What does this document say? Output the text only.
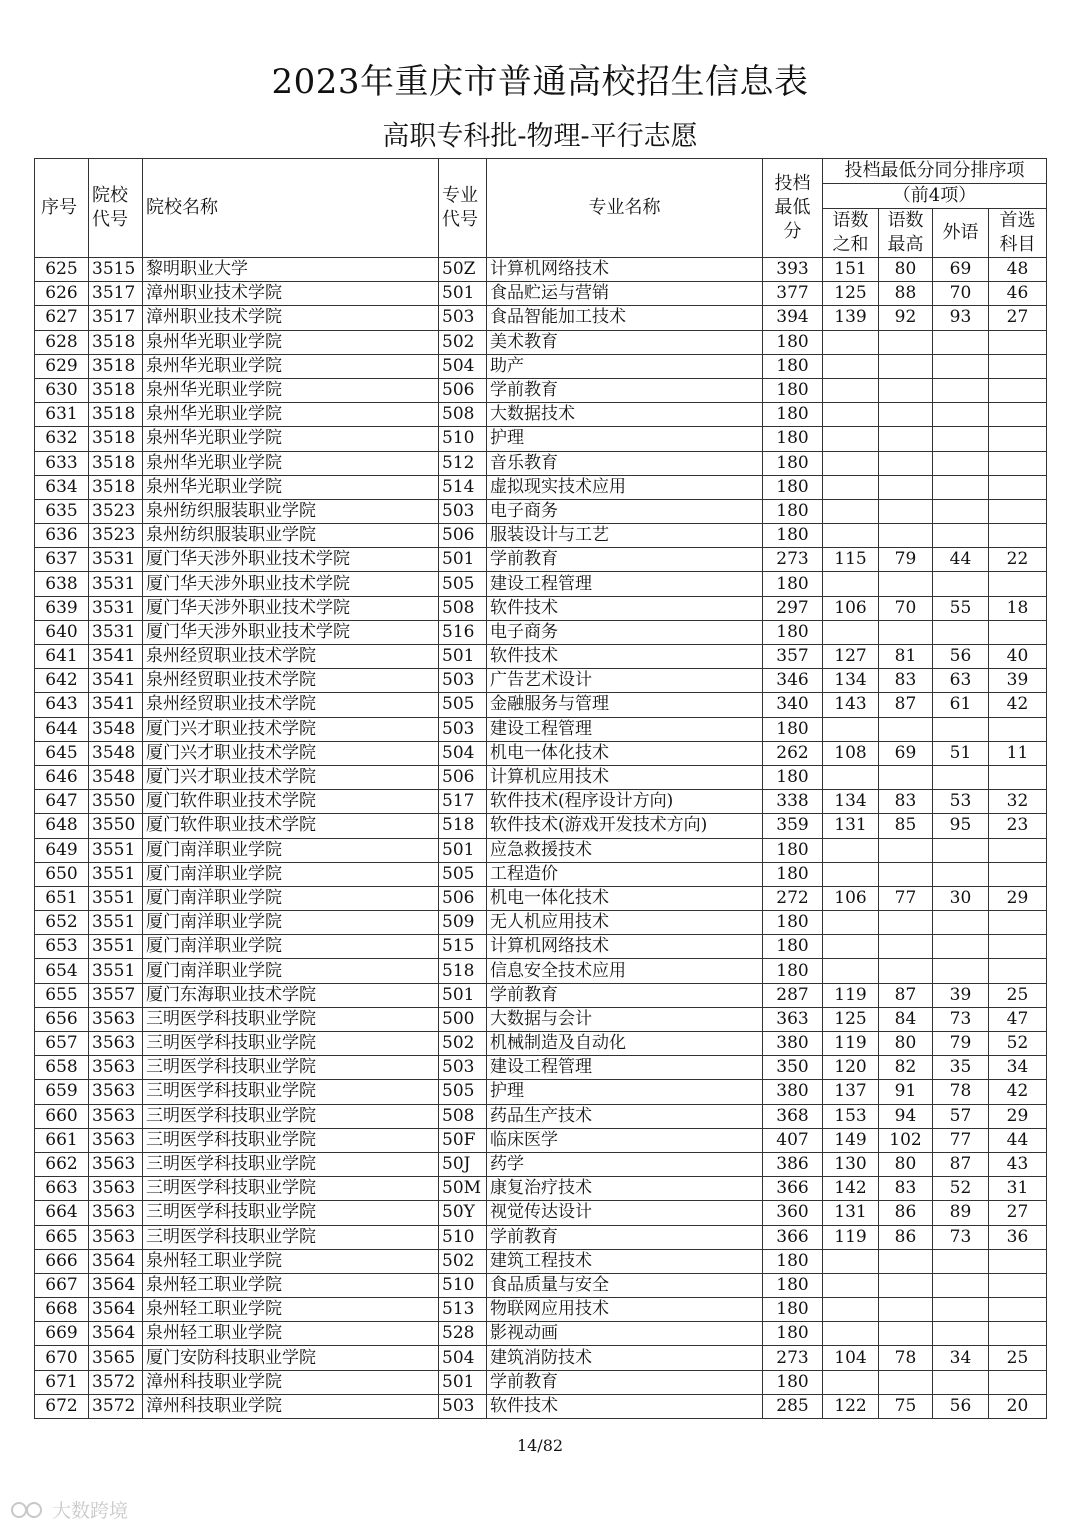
2023年重庆市普通高校招生信息表
高职专科批-物理-平行志愿
序号	院校代号	院校名称	专业代号	专业名称	投档最低分	投档最低分同分排序项			
						（前4项）			
						语数之和	语数最高	外语	首选科目
625	3515	黎明职业大学	50Z	计算机网络技术	393	151	80	69	48
626	3517	漳州职业技术学院	501	食品贮运与营销	377	125	88	70	46
627	3517	漳州职业技术学院	503	食品智能加工技术	394	139	92	93	27
628	3518	泉州华光职业学院	502	美术教育	180				
629	3518	泉州华光职业学院	504	助产	180				
630	3518	泉州华光职业学院	506	学前教育	180				
631	3518	泉州华光职业学院	508	大数据技术	180				
632	3518	泉州华光职业学院	510	护理	180				
633	3518	泉州华光职业学院	512	音乐教育	180				
634	3518	泉州华光职业学院	514	虚拟现实技术应用	180				
635	3523	泉州纺织服装职业学院	503	电子商务	180				
636	3523	泉州纺织服装职业学院	506	服装设计与工艺	180				
637	3531	厦门华天涉外职业技术学院	501	学前教育	273	115	79	44	22
638	3531	厦门华天涉外职业技术学院	505	建设工程管理	180				
639	3531	厦门华天涉外职业技术学院	508	软件技术	297	106	70	55	18
640	3531	厦门华天涉外职业技术学院	516	电子商务	180				
641	3541	泉州经贸职业技术学院	501	软件技术	357	127	81	56	40
642	3541	泉州经贸职业技术学院	503	广告艺术设计	346	134	83	63	39
643	3541	泉州经贸职业技术学院	505	金融服务与管理	340	143	87	61	42
644	3548	厦门兴才职业技术学院	503	建设工程管理	180				
645	3548	厦门兴才职业技术学院	504	机电一体化技术	262	108	69	51	11
646	3548	厦门兴才职业技术学院	506	计算机应用技术	180				
647	3550	厦门软件职业技术学院	517	软件技术(程序设计方向)	338	134	83	53	32
648	3550	厦门软件职业技术学院	518	软件技术(游戏开发技术方向)	359	131	85	95	23
649	3551	厦门南洋职业学院	501	应急救援技术	180				
650	3551	厦门南洋职业学院	505	工程造价	180				
651	3551	厦门南洋职业学院	506	机电一体化技术	272	106	77	30	29
652	3551	厦门南洋职业学院	509	无人机应用技术	180				
653	3551	厦门南洋职业学院	515	计算机网络技术	180				
654	3551	厦门南洋职业学院	518	信息安全技术应用	180				
655	3557	厦门东海职业技术学院	501	学前教育	287	119	87	39	25
656	3563	三明医学科技职业学院	500	大数据与会计	363	125	84	73	47
657	3563	三明医学科技职业学院	502	机械制造及自动化	380	119	80	79	52
658	3563	三明医学科技职业学院	503	建设工程管理	350	120	82	35	34
659	3563	三明医学科技职业学院	505	护理	380	137	91	78	42
660	3563	三明医学科技职业学院	508	药品生产技术	368	153	94	57	29
661	3563	三明医学科技职业学院	50F	临床医学	407	149	102	77	44
662	3563	三明医学科技职业学院	50J	药学	386	130	80	87	43
663	3563	三明医学科技职业学院	50M	康复治疗技术	366	142	83	52	31
664	3563	三明医学科技职业学院	50Y	视觉传达设计	360	131	86	89	27
665	3563	三明医学科技职业学院	510	学前教育	366	119	86	73	36
666	3564	泉州轻工职业学院	502	建筑工程技术	180				
667	3564	泉州轻工职业学院	510	食品质量与安全	180				
668	3564	泉州轻工职业学院	513	物联网应用技术	180				
669	3564	泉州轻工职业学院	528	影视动画	180				
670	3565	厦门安防科技职业学院	504	建筑消防技术	273	104	78	34	25
671	3572	漳州科技职业学院	501	学前教育	180				
672	3572	漳州科技职业学院	503	软件技术	285	122	75	56	20
14/82
大数跨境
